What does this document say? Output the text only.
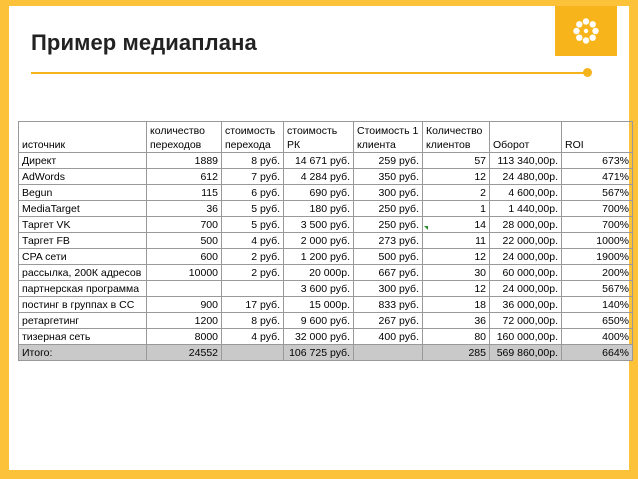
Пример медиаплана
источник	количество переходов	стоимость перехода	стоимость РК	Стоимость 1 клиента	Количество клиентов	Оборот	ROI
Директ	1889	8 руб.	14 671 руб.	259 руб.	57	113 340,00р.	673%
AdWords	612	7 руб.	4 284 руб.	350 руб.	12	24 480,00р.	471%
Begun	115	6 руб.	690 руб.	300 руб.	2	4 600,00р.	567%
MediaTarget	36	5 руб.	180 руб.	250 руб.	1	1 440,00р.	700%
Таргет VK	700	5 руб.	3 500 руб.	250 руб.	14	28 000,00р.	700%
Таргет FB	500	4 руб.	2 000 руб.	273 руб.	11	22 000,00р.	1000%
CPA сети	600	2 руб.	1 200 руб.	500 руб.	12	24 000,00р.	1900%
рассылка, 200К адресов	10000	2 руб.	20 000р.	667 руб.	30	60 000,00р.	200%
партнерская программа			3 600 руб.	300 руб.	12	24 000,00р.	567%
постинг в группах в СС	900	17 руб.	15 000р.	833 руб.	18	36 000,00р.	140%
ретаргетинг	1200	8 руб.	9 600 руб.	267 руб.	36	72 000,00р.	650%
тизерная сеть	8000	4 руб.	32 000 руб.	400 руб.	80	160 000,00р.	400%
Итого:	24552		106 725 руб.		285	569 860,00р.	664%
